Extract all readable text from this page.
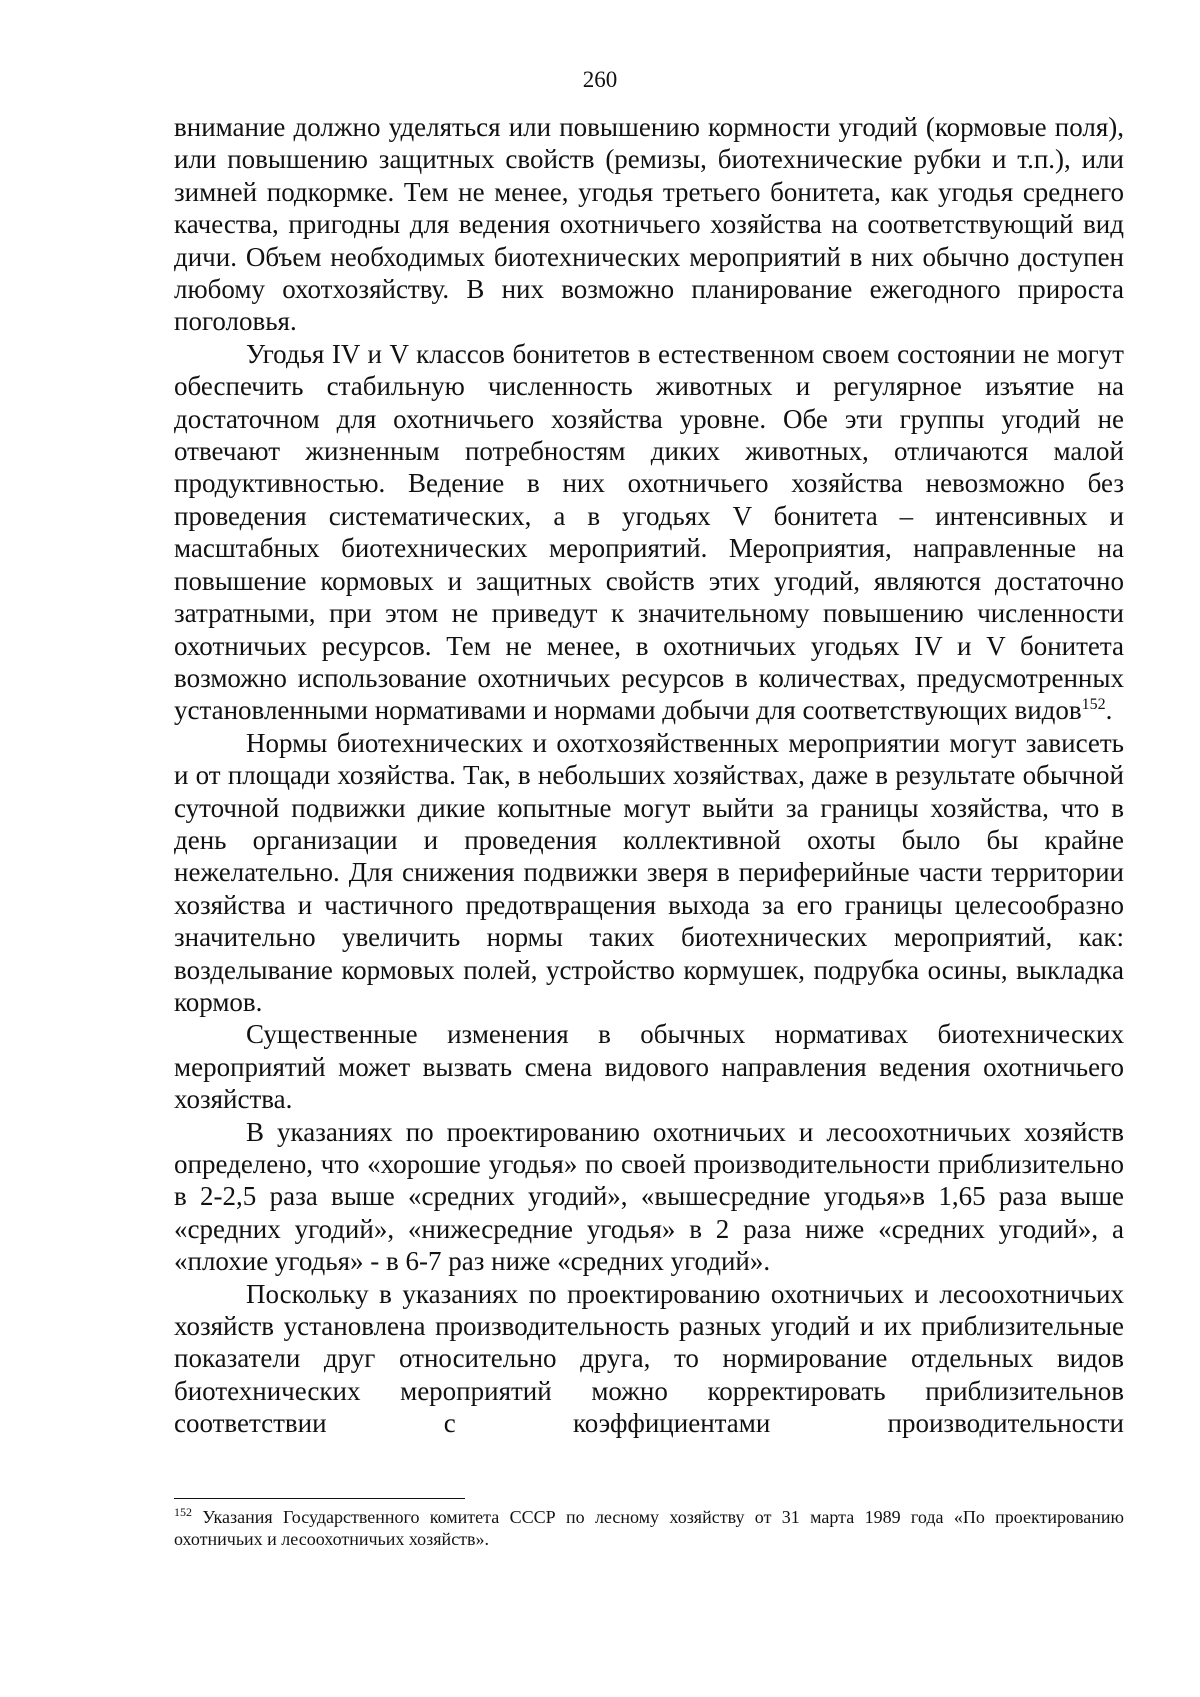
260

внимание должно уделяться или повышению кормности угодий (кормовые поля), или повышению защитных свойств (ремизы, биотехнические рубки и т.п.), или зимней подкормке. Тем не менее, угодья третьего бонитета, как угодья среднего качества, пригодны для ведения охотничьего хозяйства на соответствующий вид дичи. Объем необходимых биотехнических мероприятий в них обычно доступен любому охотхозяйству. В них возможно планирование ежегодного прироста поголовья.

Угодья IV и V классов бонитетов в естественном своем состоянии не могут обеспечить стабильную численность животных и регулярное изъятие на достаточном для охотничьего хозяйства уровне. Обе эти группы угодий не отвечают жизненным потребностям диких животных, отличаются малой продуктивностью. Ведение в них охотничьего хозяйства невозможно без проведения систематических, а в угодьях V бонитета – интенсивных и масштабных биотехнических мероприятий. Мероприятия, направленные на повышение кормовых и защитных свойств этих угодий, являются достаточно затратными, при этом не приведут к значительному повышению численности охотничьих ресурсов. Тем не менее, в охотничьих угодьях IV и V бонитета возможно использование охотничьих ресурсов в количествах, предусмотренных установленными нормативами и нормами добычи для соответствующих видов$^{152}$.

Нормы биотехнических и охотхозяйственных мероприятии могут зависеть и от площади хозяйства. Так, в небольших хозяйствах, даже в результате обычной суточной подвижки дикие копытные могут выйти за границы хозяйства, что в день организации и проведения коллективной охоты было бы крайне нежелательно. Для снижения подвижки зверя в периферийные части территории хозяйства и частичного предотвращения выхода за его границы целесообразно значительно увеличить нормы таких биотехнических мероприятий, как: возделывание кормовых полей, устройство кормушек, подрубка осины, выкладка кормов.

Существенные изменения в обычных нормативах биотехнических мероприятий может вызвать смена видового направления ведения охотничьего хозяйства.

В указаниях по проектированию охотничьих и лесоохотничьих хозяйств определено, что «хорошие угодья» по своей производительности приблизительно в 2-2,5 раза выше «средних угодий», «вышесредние угодья»в 1,65 раза выше «средних угодий», «нижесредние угодья» в 2 раза ниже «средних угодий», а «плохие угодья» - в 6-7 раз ниже «средних угодий».

Поскольку в указаниях по проектированию охотничьих и лесоохотничьих хозяйств установлена производительность разных угодий и их приблизительные показатели друг относительно друга, то нормирование отдельных видов биотехнических мероприятий можно корректировать приблизительнов соответствии с коэффициентами производительности

$^{152}$ Указания Государственного комитета СССР по лесному хозяйству от 31 марта 1989 года «По проектированию охотничьих и лесоохотничьих хозяйств».
